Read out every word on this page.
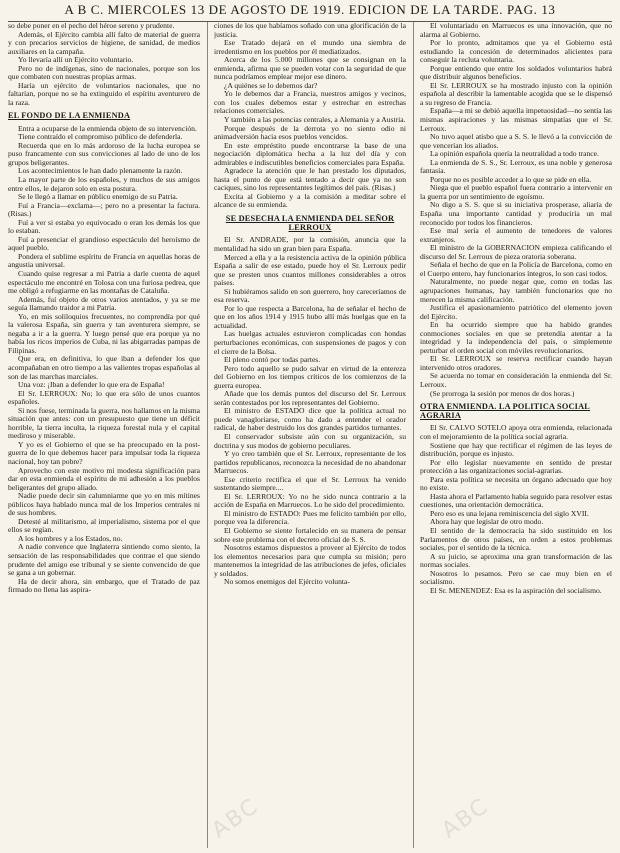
A B C. MIERCOLES 13 DE AGOSTO DE 1919. EDICION DE LA TARDE. PAG. 13

so debe poner en el pecho del héroe sereno y prudente.

Además, el Ejército cambia allí falto de material de guerra y con precarios servicios de higiene, de sanidad, de medios auxiliares en la campaña.

Yo llevaría allí un Ejército voluntario.

Pero no de indígenas, sino de nacionales, porque son los que combaten con nuestras propias armas.

Haría un ejército de voluntarios nacionales, que no faltarían, porque no se ha extinguido el espíritu aventurero de la raza.

EL FONDO DE LA ENMIENDA

Entra a ocuparse de la enmienda objeto de su intervención.

Tiene contraído el compromiso público de defenderla.

Recuerda que en lo más ardoroso de la lucha europea se puso francamente con sus convicciones al lado de uno de los grupos beligerantes.

Los acontecimientos le han dado plenamente la razón.

La mayor parte de los españoles, y muchos de sus amigos entre ellos, le dejaron solo en esta postura.

Se le llegó a llamar en público enemigo de su Patria.

Fuí a Francia—exclama—; pero no a presentar la factura. (Risas.)

Fuí a ver si estaba yo equivocado o eran los demás los que lo estaban.

Fuí a presenciar el grandioso espectáculo del heroísmo de aquel pueblo.

Pondera el sublime espíritu de Francia en aquellas horas de angustia universal.

Cuando quise regresar a mi Patria a darle cuenta de aquel espectáculo me encontré en Tolosa con una furiosa pedrea, que me obligó a refugiarme en las montañas de Cataluña.

Además, fuí objeto de otros varios atentados, y ya se me seguía llamando traidor a mi Patria.

Yo, en mis soliloquios frecuentes, no comprendía por qué la valerosa España, sin guerra y tan aventurera siempre, se negaba a ir a la guerra. Y luego pensé que era porque ya no había los ricos imperios de Cuba, ni las abigarradas pampas de Filipinas.

Que era, en definitiva, lo que iban a defender los que acompañaban en otro tiempo a las valientes tropas españolas al son de las marchas marciales.

Una voz: ¡Iban a defender lo que era de España!

El Sr. LERROUX: No; lo que era sólo de unos cuantos españoles.

Si nos fuese, terminada la guerra, nos hallamos en la misma situación que antes: con un presupuesto que tiene un déficit horrible, la tierra inculta, la riqueza forestal nula y el capital mediroso y miserable.

Y yo es el Gobierno el que se ha preocupado en la post-guerra de lo que debemos hacer para impulsar toda la riqueza nacional, hoy tan pobre?

Aprovecho con este motivo mi modesta significación para dar en esta enmienda el espíritu de mi adhesión a los pueblos beligerantes del grupo aliado.

Nadie puede decir sin calumniarme que yo en mis mítines públicos haya hablado nunca mal de los Imperios centrales ni de sus hombres.

Detesté al militarismo, al imperialismo, sistema por el que ellos se regían.

A los hombres y a los Estados, no.

A nadie convence que Inglaterra sintiendo como siento, la sensación de las responsabilidades que contrae el que siendo prudente del amigo ese tribunal y se siente convencido de que se gana a un gobernar.

Ha de decir ahora, sin embargo, que el Tratado de paz firmado no llena las aspira-

ciones de los que habíamos soñado con una glorificación de la justicia.

Ese Tratado dejará en el mundo una siembra de irredentismo en los pueblos por él mediatizados.

Acerca de los 5.000 millones que se consignan en la enmienda, afirma que se pueden votar con la seguridad de que nunca podríamos emplear mejor ese dinero.

¿A quiénes se lo debemos dar?

Yo le debemos dar a Francia, nuestros amigos y vecinos, con los cuales debemos estar y estrechar en estrechas relaciones comerciales.

Y también a las potencias centrales, a Alemania y a Austria.

Porque después de la derrota yo no siento odio ni animadversión hacia esos pueblos vencidos.

En este empréstito puede encontrarse la base de una negociación diplomática hecha a la luz del día y con admirables e indiscutibles beneficios comerciales para España.

Agradece la atención que le han prestado los diputados, hasta el punto de que está tentado a decir que ya no son caciques, sino los representantes legítimos del país. (Risas.)

Excita al Gobierno y a la comisión a meditar sobre el alcance de su enmienda.

SE DESECHA LA ENMIENDA DEL SEÑOR LERROUX

El Sr. ANDRADE, por la comisión, anuncia que la mentalidad ha sido un gran bien para España.

Merced a ella y a la resistencia activa de la opinión pública España a salir de ese estado, puede hoy el Sr. Lerroux pedir que se presten unos cuantos millones considerables a otros países.

Si hubiéramos salido en son guerrero, hoy careceríamos de esa reserva.

Por lo que respecta a Barcelona, ha de señalar el hecho de que en los años 1914 y 1915 hubo allí más huelgas que en la actualidad.

Las huelgas actuales estuvieron complicadas con hondas perturbaciones económicas, con suspensiones de pagos y con el cierre de la Bolsa.

El pleno contó por todas partes.

Pero todo aquello se pudo salvar en virtud de la entereza del Gobierno en los tiempos críticos de los comienzos de la guerra europea.

Añade que los demás puntos del discurso del Sr. Lerroux serán contestados por los representantes del Gobierno.

El ministro de ESTADO dice que la política actual no puede vanagloriarse, como ha dado a entender el orador radical, de haber destruido los dos grandes partidos turnantes.

El conservador subsiste aún con su organización, su doctrina y sus modos de gobierno peculiares.

Y yo creo también que el Sr. Lerroux, representante de los partidos republicanos, reconozca la necesidad de no abandonar Marruecos.

Ese criterio rectifica el que el Sr. Lerroux ha venido sustentando siempre....

El Sr. LERROUX: Yo no he sido nunca contrario a la acción de España en Marruecos. Lo he sido del procedimiento.

El ministro de ESTADO: Pues me felicito también por ello, porque vea la diferencia.

El Gobierno se siente fortalecido en su manera de pensar sobre este problema con el decreto oficial de S. S.

Nosotros estamos dispuestos a proveer al Ejército de todos los elementos necesarios para que cumpla su misión; pero mantenemos la integridad de las atribuciones de jefes, oficiales y soldados.

No somos enemigos del Ejército volunta-

El voluntariado en Marruecos es una innovación, que no alarma al Gobierno.

Por lo pronto, admitamos que ya el Gobierno está estudiando la concesión de determinados alicientes para conseguir la recluta voluntaria.

Porque entiendo que entre los soldados voluntarios habrá que distribuir algunos beneficios.

El Sr. LERROUX se ha mostrado injusto con la opinión española al describir la lamentable acogida que se le dispensó a su regreso de Francia.

España—a mi se debió aquella impetuosidad—no sentía las mismas aspiraciones y las mismas simpatías que el Sr. Lerroux.

No tuvo aquel atisbo que a S. S. le llevó a la convicción de que vencerían los aliados.

La opinión española quería la neutralidad a todo trance.

La enmienda de S. S., Sr. Lerroux, es una noble y generosa fantasía.

Porque no es posible acceder a lo que se pide en ella.

Niega que el pueblo español fuera contrario a intervenir en la guerra por un sentimiento de egoísmo.

No digo a S. S. que si su iniciativa prosperase, aliaría de España una importante cantidad y produciría un mal reconocido por todos los financieros.

Ese mal sería el aumento de tenedores de valores extranjeros.

El ministro de la GOBERNACION empieza calificando el discurso del Sr. Lerroux de pieza oratoria soberana.

Señala el hecho de que en la Policía de Barcelona, como en el Cuerpo entero, hay funcionarios íntegros, lo son casi todos.

Naturalmente, no puede negar que, como en todas las agrupaciones humanas, hay también funcionarios que no merecen la misma calificación.

Justifica el apasionamiento patriótico del elemento joven del Ejército.

En ha ocurrido siempre que ha habido grandes conmociones sociales en que se pretendía atentar a la integridad y la independencia del país, o simplemente perturbar el orden social con móviles revolucionarios.

El Sr. LERROUX se reserva rectificar cuando hayan intervenido otros oradores.

Se acuerda no tomar en consideración la enmienda del Sr. Lerroux.

(Se prorroga la sesión por menos de dos horas.)

OTRA ENMIENDA. LA POLITICA SOCIAL AGRARIA

El Sr. CALVO SOTELO apoya otra enmienda, relacionada con el mejoramiento de la política social agraria.

Sostiene que hay que rectificar el régimen de las leyes de distribución, porque es injusto.

Por ello legislar nuevamente en sentido de prestar protección a las organizaciones social-agrarias.

Para esta política se necesita un órgano adecuado que hoy no existe.

Hasta ahora el Parlamento había seguido para resolver estas cuestiones, una orientación democrática.

Pero eso es una lejana reminiscencia del siglo XVII.

Ahora hay que legislar de otro modo.

El sentido de la democracia ha sido sustituido en los Parlamentos de otros países, en orden a estos problemas sociales, por el sentido de la técnica.

A su juicio, se aproxima una gran transformación de las normas sociales.

Nosotros lo pesamos. Pero se cae muy bien en el socialismo.

El Sr. MENENDEZ: Esa es la aspiración del socialismo.

ABC	ABC
